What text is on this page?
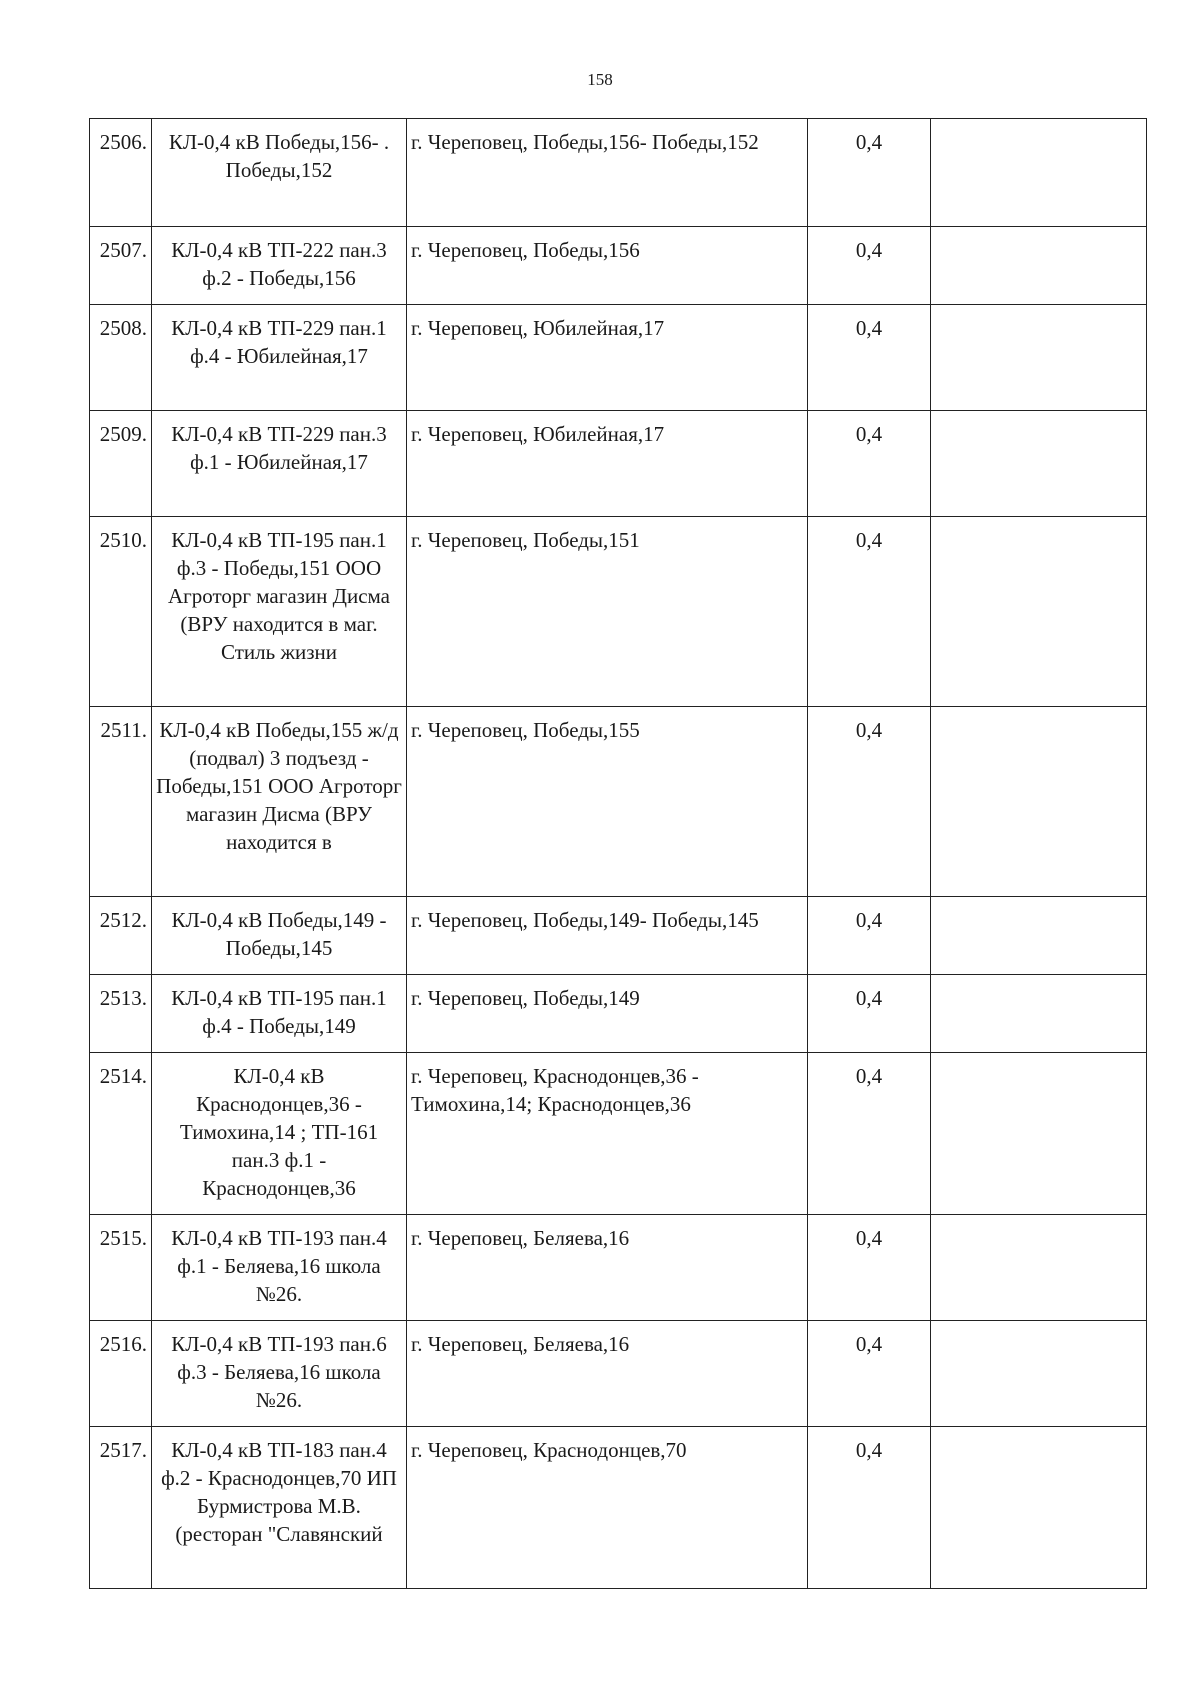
158
2506.	КЛ-0,4 кВ Победы,156- . Победы,152	г. Череповец, Победы,156- Победы,152	0,4	
2507.	КЛ-0,4 кВ ТП-222 пан.3 ф.2 - Победы,156	г. Череповец, Победы,156	0,4	
2508.	КЛ-0,4 кВ ТП-229 пан.1 ф.4 - Юбилейная,17	г. Череповец, Юбилейная,17	0,4	
2509.	КЛ-0,4 кВ ТП-229 пан.3 ф.1 - Юбилейная,17	г. Череповец, Юбилейная,17	0,4	
2510.	КЛ-0,4 кВ ТП-195 пан.1 ф.3 - Победы,151 ООО Агроторг магазин Дисма (ВРУ находится в маг. Стиль жизни	г. Череповец, Победы,151	0,4	
2511.	КЛ-0,4 кВ Победы,155 ж/д (подвал) 3 подъезд - Победы,151 ООО Агроторг магазин Дисма (ВРУ находится в	г. Череповец, Победы,155	0,4	
2512.	КЛ-0,4 кВ Победы,149 - Победы,145	г. Череповец, Победы,149- Победы,145	0,4	
2513.	КЛ-0,4 кВ ТП-195 пан.1 ф.4 - Победы,149	г. Череповец, Победы,149	0,4	
2514.	КЛ-0,4 кВ Краснодонцев,36 - Тимохина,14 ; ТП-161 пан.3 ф.1 - Краснодонцев,36	г. Череповец, Краснодонцев,36 - Тимохина,14; Краснодонцев,36	0,4	
2515.	КЛ-0,4 кВ ТП-193 пан.4 ф.1 - Беляева,16 школа №26.	г. Череповец, Беляева,16	0,4	
2516.	КЛ-0,4 кВ ТП-193 пан.6 ф.3 - Беляева,16 школа №26.	г. Череповец, Беляева,16	0,4	
2517.	КЛ-0,4 кВ ТП-183 пан.4 ф.2 - Краснодонцев,70 ИП Бурмистрова М.В. (ресторан "Славянский	г. Череповец, Краснодонцев,70	0,4	
